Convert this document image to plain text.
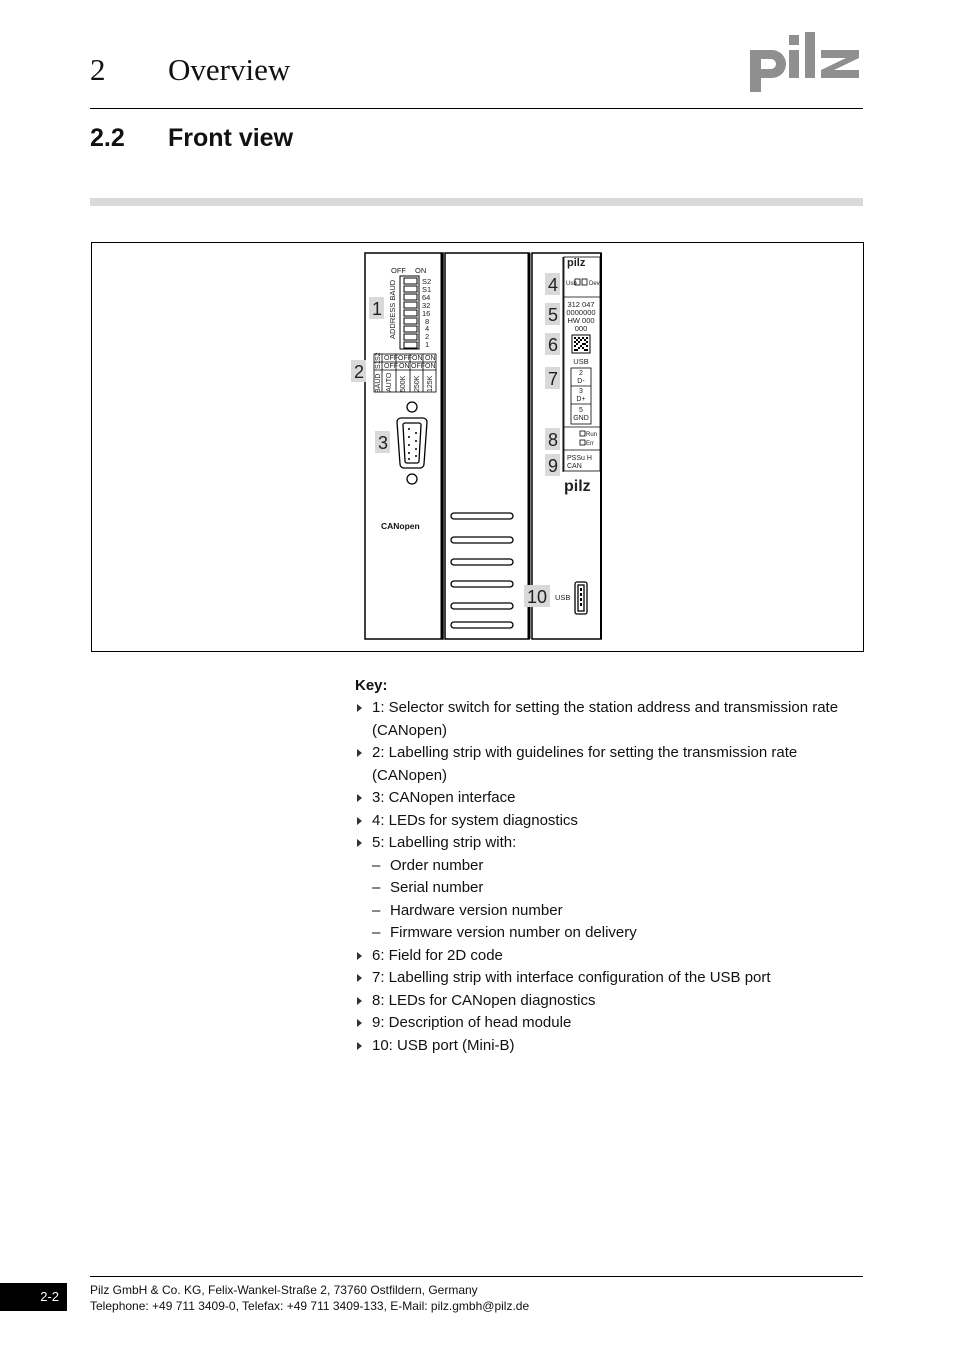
2 Overview
2.2 Front view
1
2
3
4
5
6
7
8
9
10
OFF ON
ADDRESS BAUD	S2
S1
64
32
16
8
4
2
1
BAUD
S2
S1
AUTO
OFF
OFF
500K
OFF
ON
250K
ON
OFF
125K
ON
ON
CANopen
pilz
Usb Dev
312 047
0000000
HW 000
000
USB
2
D-
3
D+
5
GND
Run
Err
PSSu H
CAN
pilz
USB
Key:
1: Selector switch for setting the station address and transmission rate (CANopen)
2: Labelling strip with guidelines for setting the transmission rate (CANopen)
3: CANopen interface
4: LEDs for system diagnostics
5: Labelling strip with:
– Order number
– Serial number
– Hardware version number
– Firmware version number on delivery
6: Field for 2D code
7: Labelling strip with interface configuration of the USB port
8: LEDs for CANopen diagnostics
9: Description of head module
10: USB port (Mini-B)
2-2	Pilz GmbH & Co. KG, Felix-Wankel-Straße 2, 73760 Ostfildern, Germany
Telephone: +49 711 3409-0, Telefax: +49 711 3409-133, E-Mail: pilz.gmbh@pilz.de
